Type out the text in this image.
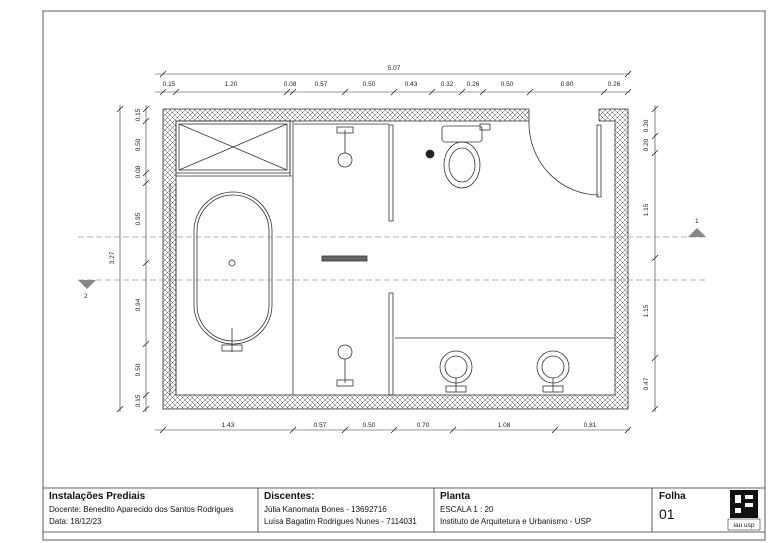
1
2
5.07
0.15	1.20	0.08	0.57	0.50	0.43	0.32 0.26	0.50	0.80	0.26
1.43	0.57	0.50	0.70	1.08	0.81
3.27
0.15
0.50
0.08
0.95
0.94
0.50
0.15
0.30
0.20
1.15
1.15
0.47
iau usp
Instalações Prediais
Docente: Benedito Aparecido dos Santos Rodrigues
Data: 18/12/23
Discentes:
Júlia Kanomata Bones - 13692716
Luísa Bagatim Rodrigues Nunes - 7114031
Planta
ESCALA 1 : 20
Instituto de Arquitetura e Urbanismo - USP
Folha
01
